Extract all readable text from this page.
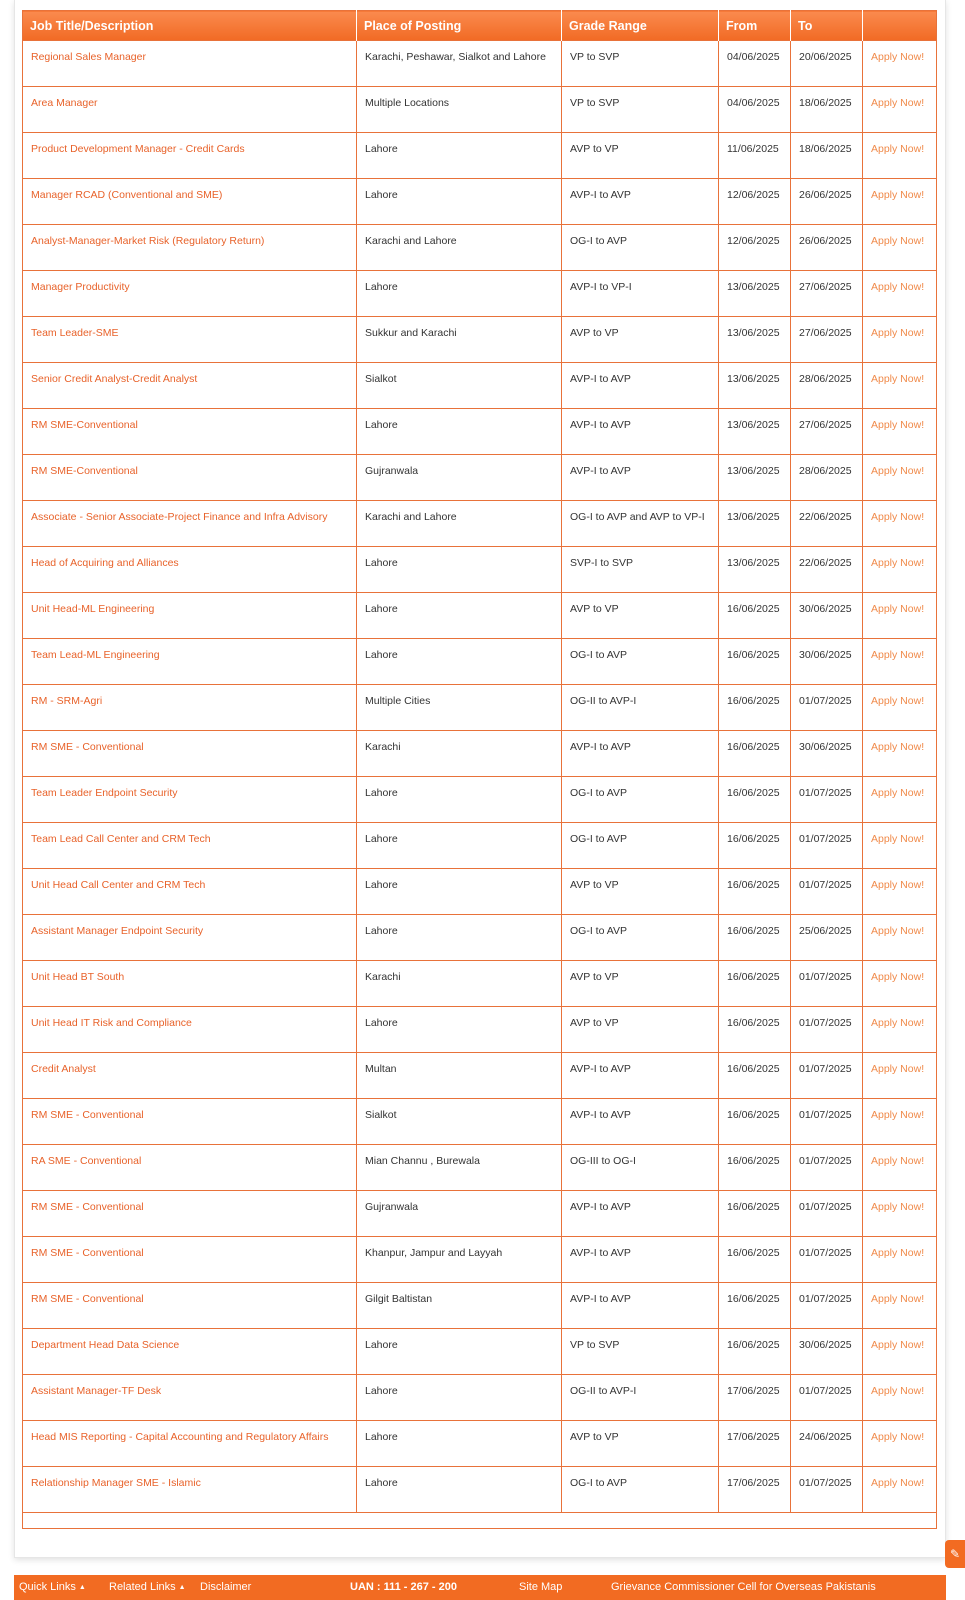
Job Title/Description	Place of Posting	Grade Range	From	To	
Regional Sales Manager	Karachi, Peshawar, Sialkot and Lahore	VP to SVP	04/06/2025	20/06/2025	Apply Now!
Area Manager	Multiple Locations	VP to SVP	04/06/2025	18/06/2025	Apply Now!
Product Development Manager - Credit Cards	Lahore	AVP to VP	11/06/2025	18/06/2025	Apply Now!
Manager RCAD (Conventional and SME)	Lahore	AVP-I to AVP	12/06/2025	26/06/2025	Apply Now!
Analyst-Manager-Market Risk (Regulatory Return)	Karachi and Lahore	OG-I to AVP	12/06/2025	26/06/2025	Apply Now!
Manager Productivity	Lahore	AVP-I to VP-I	13/06/2025	27/06/2025	Apply Now!
Team Leader-SME	Sukkur and Karachi	AVP to VP	13/06/2025	27/06/2025	Apply Now!
Senior Credit Analyst-Credit Analyst	Sialkot	AVP-I to AVP	13/06/2025	28/06/2025	Apply Now!
RM SME-Conventional	Lahore	AVP-I to AVP	13/06/2025	27/06/2025	Apply Now!
RM SME-Conventional	Gujranwala	AVP-I to AVP	13/06/2025	28/06/2025	Apply Now!
Associate - Senior Associate-Project Finance and Infra Advisory	Karachi and Lahore	OG-I to AVP and AVP to VP-I	13/06/2025	22/06/2025	Apply Now!
Head of Acquiring and Alliances	Lahore	SVP-I to SVP	13/06/2025	22/06/2025	Apply Now!
Unit Head-ML Engineering	Lahore	AVP to VP	16/06/2025	30/06/2025	Apply Now!
Team Lead-ML Engineering	Lahore	OG-I to AVP	16/06/2025	30/06/2025	Apply Now!
RM - SRM-Agri	Multiple Cities	OG-II to AVP-I	16/06/2025	01/07/2025	Apply Now!
RM SME - Conventional	Karachi	AVP-I to AVP	16/06/2025	30/06/2025	Apply Now!
Team Leader Endpoint Security	Lahore	OG-I to AVP	16/06/2025	01/07/2025	Apply Now!
Team Lead Call Center and CRM Tech	Lahore	OG-I to AVP	16/06/2025	01/07/2025	Apply Now!
Unit Head Call Center and CRM Tech	Lahore	AVP to VP	16/06/2025	01/07/2025	Apply Now!
Assistant Manager Endpoint Security	Lahore	OG-I to AVP	16/06/2025	25/06/2025	Apply Now!
Unit Head BT South	Karachi	AVP to VP	16/06/2025	01/07/2025	Apply Now!
Unit Head IT Risk and Compliance	Lahore	AVP to VP	16/06/2025	01/07/2025	Apply Now!
Credit Analyst	Multan	AVP-I to AVP	16/06/2025	01/07/2025	Apply Now!
RM SME - Conventional	Sialkot	AVP-I to AVP	16/06/2025	01/07/2025	Apply Now!
RA SME - Conventional	Mian Channu , Burewala	OG-III to OG-I	16/06/2025	01/07/2025	Apply Now!
RM SME - Conventional	Gujranwala	AVP-I to AVP	16/06/2025	01/07/2025	Apply Now!
RM SME - Conventional	Khanpur, Jampur and Layyah	AVP-I to AVP	16/06/2025	01/07/2025	Apply Now!
RM SME - Conventional	Gilgit Baltistan	AVP-I to AVP	16/06/2025	01/07/2025	Apply Now!
Department Head Data Science	Lahore	VP to SVP	16/06/2025	30/06/2025	Apply Now!
Assistant Manager-TF Desk	Lahore	OG-II to AVP-I	17/06/2025	01/07/2025	Apply Now!
Head MIS Reporting - Capital Accounting and Regulatory Affairs	Lahore	AVP to VP	17/06/2025	24/06/2025	Apply Now!
Relationship Manager SME - Islamic	Lahore	OG-I to AVP	17/06/2025	01/07/2025	Apply Now!

Quick Links ▲ Related Links ▲ Disclaimer	UAN : 111 - 267 - 200	Site Map	Grievance Commissioner Cell for Overseas Pakistanis
✎
